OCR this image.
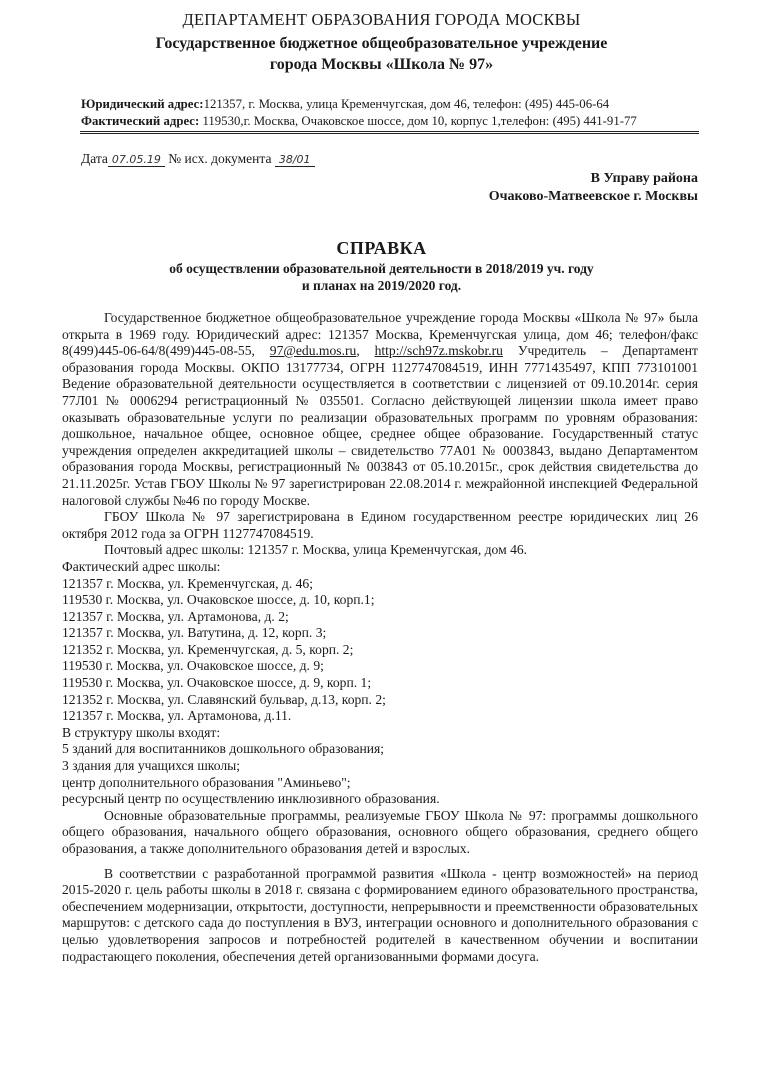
ДЕПАРТАМЕНТ ОБРАЗОВАНИЯ ГОРОДА МОСКВЫ
Государственное бюджетное общеобразовательное учреждение
города Москвы «Школа № 97»
Юридический адрес:121357, г. Москва, улица Кременчугская, дом 46, телефон: (495) 445-06-64
Фактический адрес: 119530,г. Москва, Очаковское шоссе, дом 10, корпус 1,телефон: (495) 441-91-77
Дата 07.05.19 № исх. документа 38/01
В Управу района
Очаково-Матвеевское г. Москвы
СПРАВКА
об осуществлении образовательной деятельности в 2018/2019 уч. году
и планах на 2019/2020 год.

Государственное бюджетное общеобразовательное учреждение города Москвы «Школа № 97» была открыта в 1969 году. Юридический адрес: 121357 Москва, Кременчугская улица, дом 46; телефон/факс 8(499)445-06-64/8(499)445-08-55, 97@edu.mos.ru, http://sch97z.mskobr.ru Учредитель – Департамент образования города Москвы. ОКПО 13177734, ОГРН 1127747084519, ИНН 7771435497, КПП 773101001 Ведение образовательной деятельности осуществляется в соответствии с лицензией от 09.10.2014г. серия 77Л01 № 0006294 регистрационный № 035501. Согласно действующей лицензии школа имеет право оказывать образовательные услуги по реализации образовательных программ по уровням образования: дошкольное, начальное общее, основное общее, среднее общее образование. Государственный статус учреждения определен аккредитацией школы – свидетельство 77А01 № 0003843, выдано Департаментом образования города Москвы, регистрационный № 003843 от 05.10.2015г., срок действия свидетельства до 21.11.2025г. Устав ГБОУ Школы № 97 зарегистрирован 22.08.2014 г. межрайонной инспекцией Федеральной налоговой службы №46 по городу Москве.

ГБОУ Школа № 97 зарегистрирована в Едином государственном реестре юридических лиц 26 октября 2012 года за ОГРН 1127747084519.

Почтовый адрес школы: 121357 г. Москва, улица Кременчугская, дом 46.

Фактический адрес школы:

121357 г. Москва, ул. Кременчугская, д. 46;

119530 г. Москва, ул. Очаковское шоссе, д. 10, корп.1;

121357 г. Москва, ул. Артамонова, д. 2;

121357 г. Москва, ул. Ватутина, д. 12, корп. 3;

121352 г. Москва, ул. Кременчугская, д. 5, корп. 2;

119530 г. Москва, ул. Очаковское шоссе, д. 9;

119530 г. Москва, ул. Очаковское шоссе, д. 9, корп. 1;

121352 г. Москва, ул. Славянский бульвар, д.13, корп. 2;

121357 г. Москва, ул. Артамонова, д.11.

В структуру школы входят:

5 зданий для воспитанников дошкольного образования;

3 здания для учащихся школы;

центр дополнительного образования "Аминьево";

ресурсный центр по осуществлению инклюзивного образования.

Основные образовательные программы, реализуемые ГБОУ Школа № 97: программы дошкольного общего образования, начального общего образования, основного общего образования, среднего общего образования, а также дополнительного образования детей и взрослых.

В соответствии с разработанной программой развития «Школа - центр возможностей» на период 2015-2020 г. цель работы школы в 2018 г. связана с формированием единого образовательного пространства, обеспечением модернизации, открытости, доступности, непрерывности и преемственности образовательных маршрутов: с детского сада до поступления в ВУЗ, интеграции основного и дополнительного образования с целью удовлетворения запросов и потребностей родителей в качественном обучении и воспитании подрастающего поколения, обеспечения детей организованными формами досуга.
